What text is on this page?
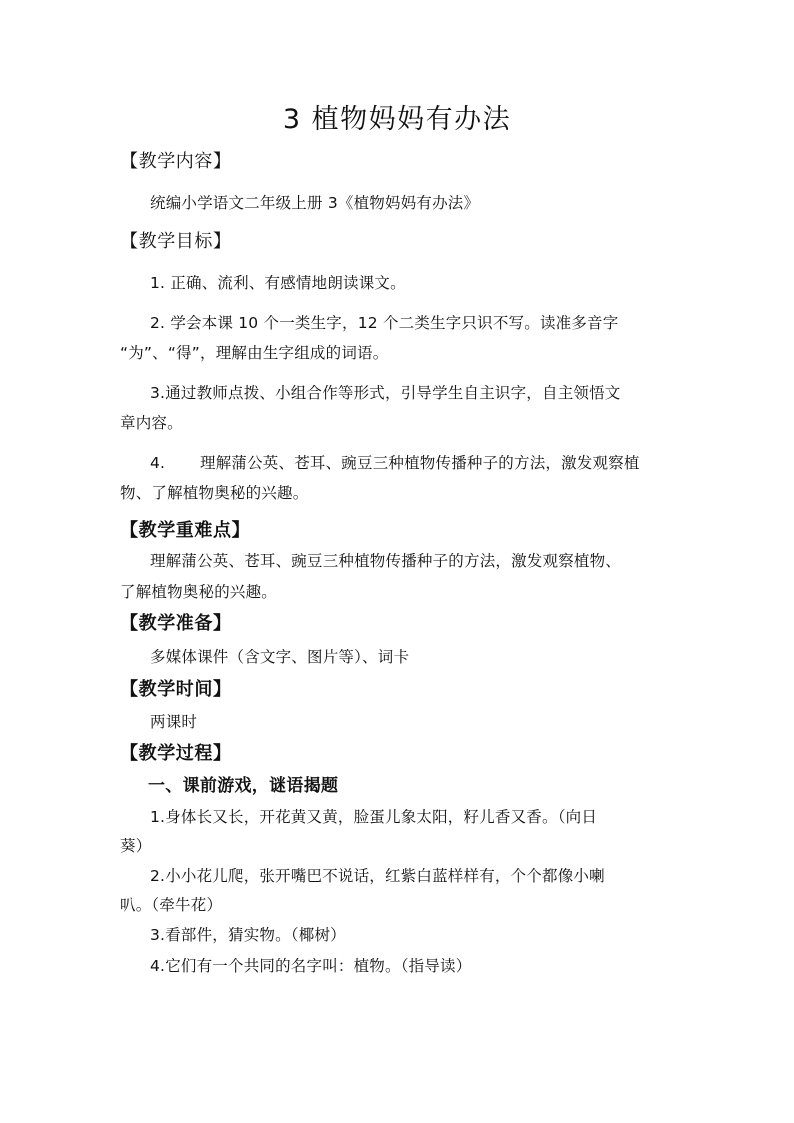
3 植物妈妈有办法
【教学内容】
统编小学语文二年级上册 3《植物妈妈有办法》
【教学目标】
1. 正确、流利、有感情地朗读课文。
2. 学会本课 10 个一类生字，12 个二类生字只识不写。读准多音字
“为”、“得”，理解由生字组成的词语。
3.通过教师点拨、小组合作等形式，引导学生自主识字，自主领悟文
章内容。
4. 理解蒲公英、苍耳、豌豆三种植物传播种子的方法，激发观察植
物、了解植物奥秘的兴趣。
【教学重难点】
理解蒲公英、苍耳、豌豆三种植物传播种子的方法，激发观察植物、
了解植物奥秘的兴趣。
【教学准备】
多媒体课件（含文字、图片等）、词卡
【教学时间】
两课时
【教学过程】
一、课前游戏，谜语揭题
1.身体长又长，开花黄又黄，脸蛋儿象太阳，籽儿香又香。（向日
葵）
2.小小花儿爬，张开嘴巴不说话，红紫白蓝样样有，个个都像小喇
叭。（牵牛花）
3.看部件，猜实物。（椰树）
4.它们有一个共同的名字叫：植物。（指导读）
